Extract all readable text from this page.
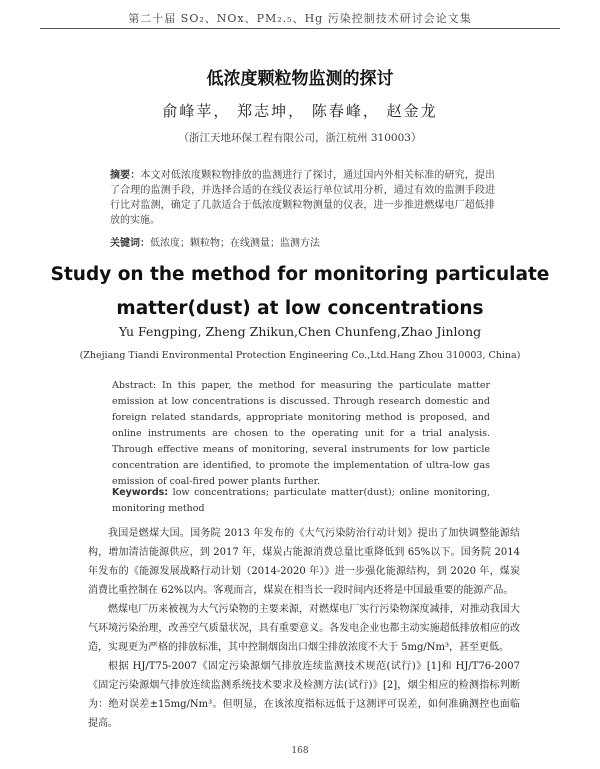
第二十届 SO₂、NOx、PM₂.₅、Hg 污染控制技术研讨会论文集
低浓度颗粒物监测的探讨
俞峰苹， 郑志坤， 陈春峰， 赵金龙
（浙江天地环保工程有限公司，浙江杭州 310003）
摘要：本文对低浓度颗粒物排放的监测进行了探讨，通过国内外相关标准的研究，提出了合理的监测手段，并选择合适的在线仪表运行单位试用分析，通过有效的监测手段进行比对监测，确定了几款适合于低浓度颗粒物测量的仪表，进一步推进燃煤电厂超低排放的实施。
关键词：低浓度；颗粒物；在线测量；监测方法
Study on the method for monitoring particulate
matter(dust) at low concentrations
Yu Fengping, Zheng Zhikun,Chen Chunfeng,Zhao Jinlong
(Zhejiang Tiandi Environmental Protection Engineering Co.,Ltd.Hang Zhou 310003, China)
Abstract: In this paper, the method for measuring the particulate matter emission at low concentrations is discussed. Through research domestic and foreign related standards, appropriate monitoring method is proposed, and online instruments are chosen to the operating unit for a trial analysis. Through effective means of monitoring, several instruments for low particle concentration are identified, to promote the implementation of ultra-low gas emission of coal-fired power plants further.
Keywords: low concentrations; particulate matter(dust); online monitoring, monitoring method

我国是燃煤大国。国务院 2013 年发布的《大气污染防治行动计划》提出了加快调整能源结构，增加清洁能源供应，到 2017 年，煤炭占能源消费总量比重降低到 65%以下。国务院 2014 年发布的《能源发展战略行动计划（2014-2020 年）》进一步强化能源结构，到 2020 年，煤炭消费比重控制在 62%以内。客观而言，煤炭在相当长一段时间内还将是中国最重要的能源产品。

燃煤电厂历来被视为大气污染物的主要来源，对燃煤电厂实行污染物深度减排，对推动我国大气环境污染治理，改善空气质量状况，具有重要意义。各发电企业也都主动实施超低排放相应的改造，实现更为严格的排放标准，其中控制烟囱出口烟尘排放浓度不大于 5mg/Nm³，甚至更低。

根据 HJ/T75-2007《固定污染源烟气排放连续监测技术规范(试行)》[1]和 HJ/T76-2007《固定污染源烟气排放连续监测系统技术要求及检测方法(试行)》[2]，烟尘相应的检测指标判断为：绝对误差±15mg/Nm³。但明显，在该浓度指标远低于这测评可误差，如何准确测控也面临提高。

168
